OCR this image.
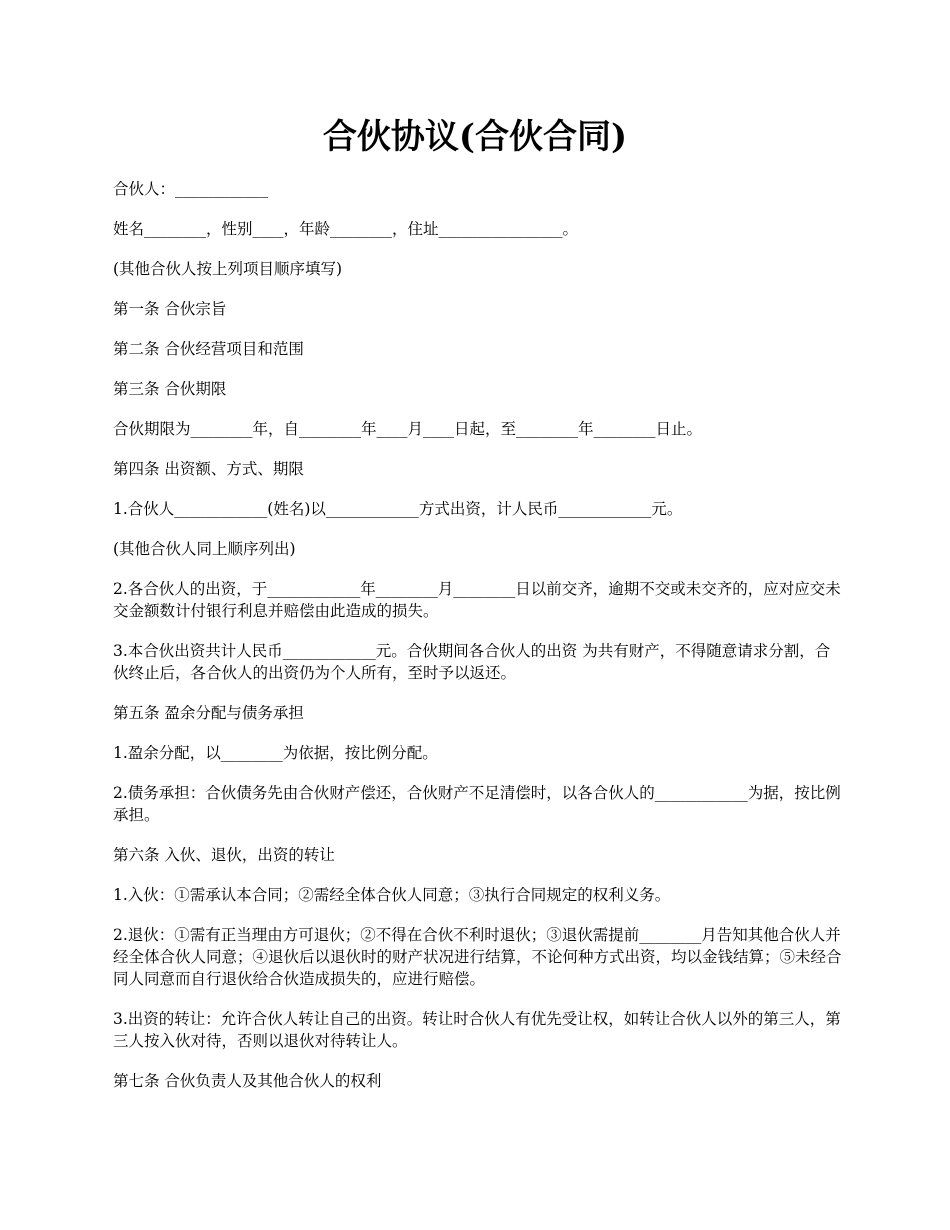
合伙协议(合伙合同)

合伙人：____________

姓名________，性别____，年龄________，住址________________。

(其他合伙人按上列项目顺序填写)

第一条 合伙宗旨

第二条 合伙经营项目和范围

第三条 合伙期限

合伙期限为________年，自________年____月____日起，至________年________日止。

第四条 出资额、方式、期限

1.合伙人____________(姓名)以____________方式出资，计人民币____________元。

(其他合伙人同上顺序列出)

2.各合伙人的出资，于____________年________月________日以前交齐，逾期不交或未交齐的，应对应交未交金额数计付银行利息并赔偿由此造成的损失。

3.本合伙出资共计人民币____________元。合伙期间各合伙人的出资 为共有财产，不得随意请求分割，合伙终止后，各合伙人的出资仍为个人所有，至时予以返还。

第五条 盈余分配与债务承担

1.盈余分配，以________为依据，按比例分配。

2.债务承担：合伙债务先由合伙财产偿还，合伙财产不足清偿时，以各合伙人的____________为据，按比例承担。

第六条 入伙、退伙，出资的转让

1.入伙：①需承认本合同；②需经全体合伙人同意；③执行合同规定的权利义务。

2.退伙：①需有正当理由方可退伙；②不得在合伙不利时退伙；③退伙需提前________月告知其他合伙人并经全体合伙人同意；④退伙后以退伙时的财产状况进行结算，不论何种方式出资，均以金钱结算；⑤未经合同人同意而自行退伙给合伙造成损失的，应进行赔偿。

3.出资的转让：允许合伙人转让自己的出资。转让时合伙人有优先受让权，如转让合伙人以外的第三人，第三人按入伙对待，否则以退伙对待转让人。

第七条 合伙负责人及其他合伙人的权利
